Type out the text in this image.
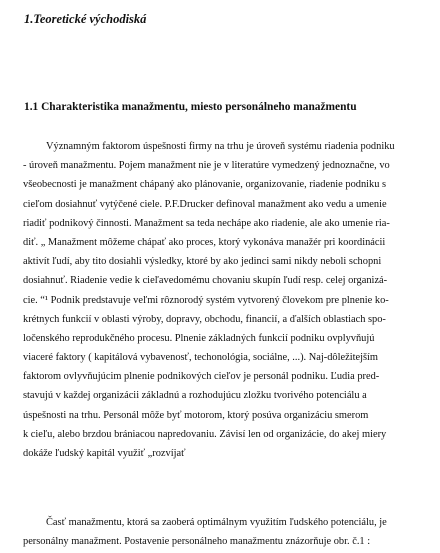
1.Teoretické východiská
1.1 Charakteristika manažmentu, miesto personálneho manažmentu
Významným faktorom úspešnosti firmy na trhu je úroveň systému riadenia podniku
- úroveň manažmentu. Pojem manažment nie je v literatúre vymedzený jednoznačne, vo
všeobecnosti je manažment chápaný ako plánovanie, organizovanie, riadenie podniku s
cieľom dosiahnuť vytýčené ciele. P.F.Drucker definoval manažment ako vedu a umenie
riadiť podnikový činnosti. Manažment sa teda nechápe ako riadenie, ale ako umenie ria-
diť. „ Manažment môžeme chápať ako proces, ktorý vykonáva manažér pri koordinácii
aktivít ľudí, aby tito dosiahli výsledky, ktoré by ako jedinci sami nikdy neboli schopni
dosiahnuť. Riadenie vedie k cieľavedomému chovaniu skupín ľudí resp. celej organizá-
cie. “¹ Podnik predstavuje veľmi rôznorodý systém vytvorený človekom pre plnenie ko-
krétnych funkcií v oblasti výroby, dopravy, obchodu, financií, a ďalších oblastiach spo-
ločenského reprodukčného procesu. Plnenie základných funkcií podniku ovplyvňujú
viaceré faktory ( kapitálová vybavenosť, techonológia, sociálne, ...). Naj-dôležitejším
faktorom ovlyvňujúcim plnenie podnikových cieľov je personál podniku. Ľudia pred-
stavujú v každej organizácii základnú a rozhodujúcu zložku tvorivého potenciálu a
úspešnosti na trhu. Personál môže byť motorom, ktorý posúva organizáciu smerom
k cieľu, alebo brzdou brániacou napredovaniu. Závisí len od organizácie, do akej miery
dokáže ľudský kapitál využiť „rozvíjať
Časť manažmentu, ktorá sa zaoberá optimálnym využitím ľudského potenciálu, je
personálny manažment. Postavenie personálneho manažmentu znázorňuje obr. č.1 :
